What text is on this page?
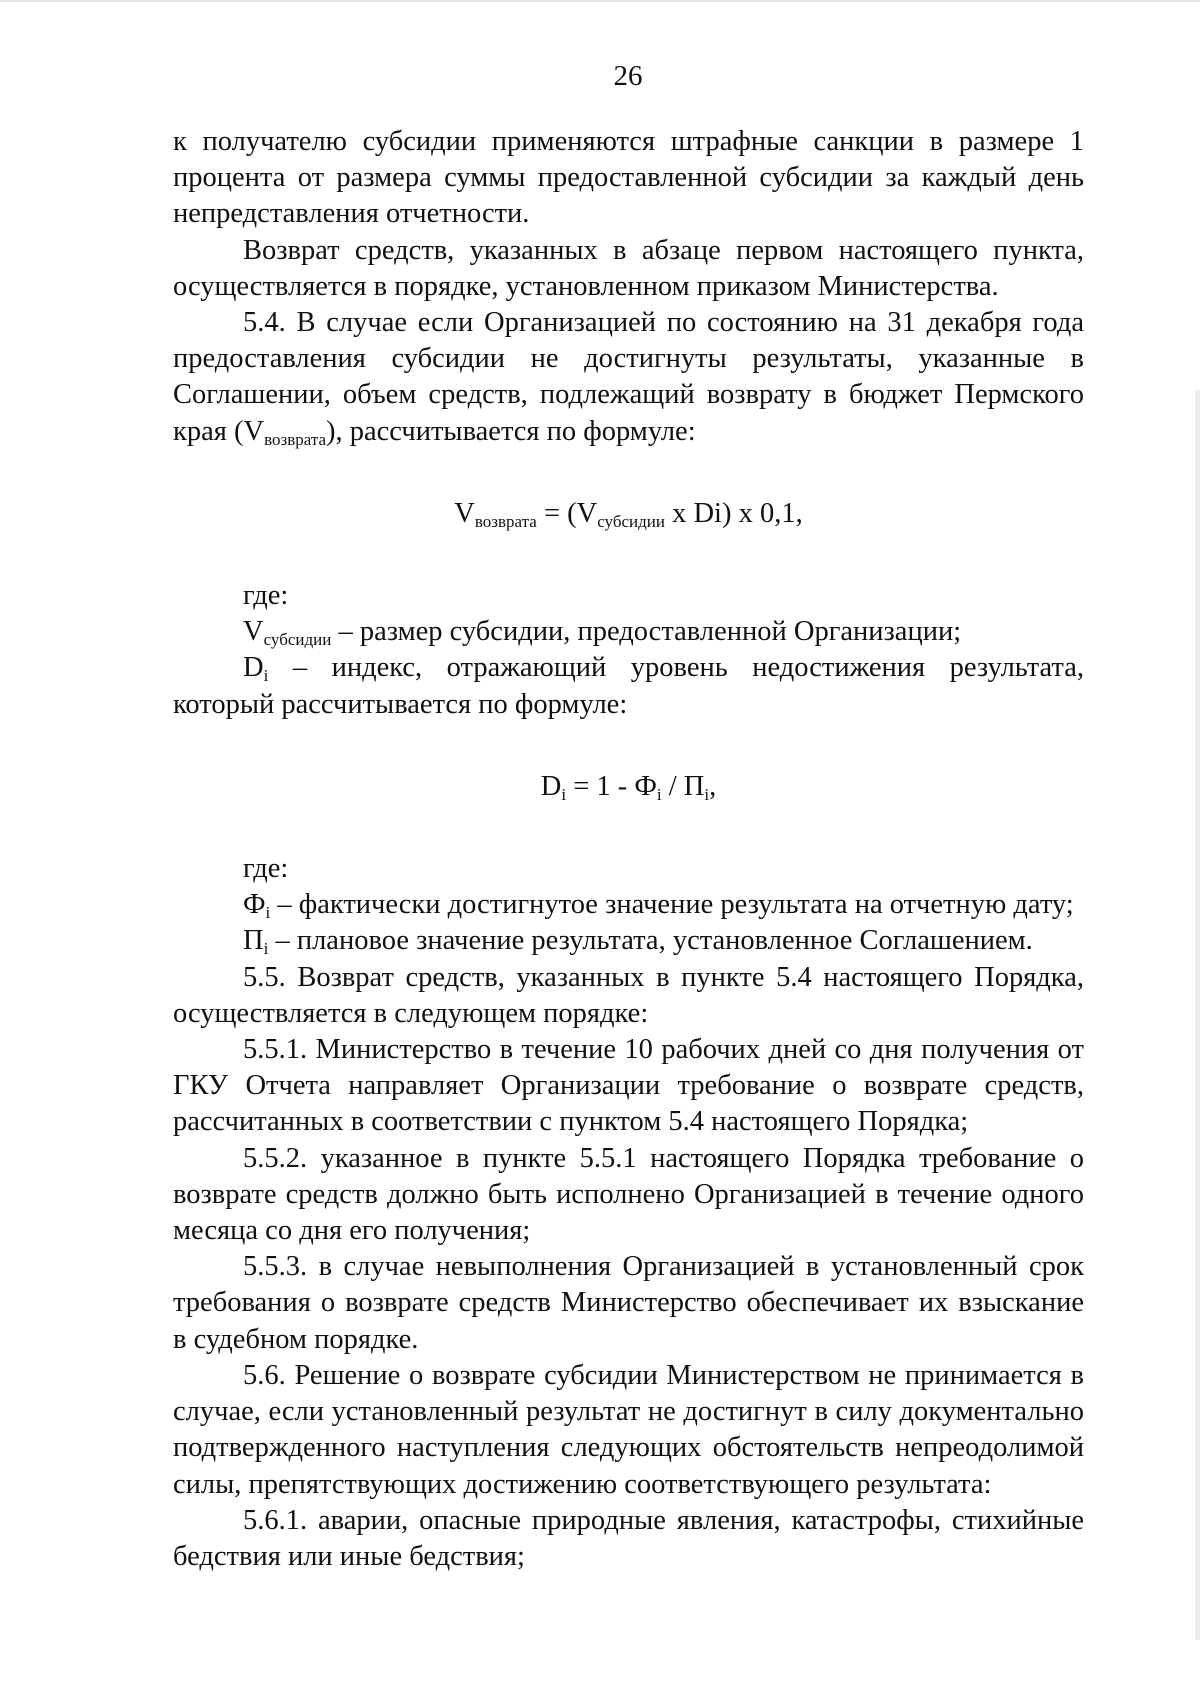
26

к получателю субсидии применяются штрафные санкции в размере 1 процента от размера суммы предоставленной субсидии за каждый день непредставления отчетности.

Возврат средств, указанных в абзаце первом настоящего пункта, осуществляется в порядке, установленном приказом Министерства.

5.4. В случае если Организацией по состоянию на 31 декабря года предоставления субсидии не достигнуты результаты, указанные в Соглашении, объем средств, подлежащий возврату в бюджет Пермского края $(V_{возврата})$, рассчитывается по формуле:

$V_{возврата} = (V_{субсидии}$ x Di) x 0,1,

где:

$V_{субсидии}$ – размер субсидии, предоставленной Организации;

$D_i$ – индекс, отражающий уровень недостижения результата, который рассчитывается по формуле:

$D_i = 1 - Ф_i / П_i$,

где:

$Ф_i$ – фактически достигнутое значение результата на отчетную дату;

$П_i$ – плановое значение результата, установленное Соглашением.

5.5. Возврат средств, указанных в пункте 5.4 настоящего Порядка, осуществляется в следующем порядке:

5.5.1. Министерство в течение 10 рабочих дней со дня получения от ГКУ Отчета направляет Организации требование о возврате средств, рассчитанных в соответствии с пунктом 5.4 настоящего Порядка;

5.5.2. указанное в пункте 5.5.1 настоящего Порядка требование о возврате средств должно быть исполнено Организацией в течение одного месяца со дня его получения;

5.5.3. в случае невыполнения Организацией в установленный срок требования о возврате средств Министерство обеспечивает их взыскание в судебном порядке.

5.6. Решение о возврате субсидии Министерством не принимается в случае, если установленный результат не достигнут в силу документально подтвержденного наступления следующих обстоятельств непреодолимой силы, препятствующих достижению соответствующего результата:

5.6.1. аварии, опасные природные явления, катастрофы, стихийные бедствия или иные бедствия;
